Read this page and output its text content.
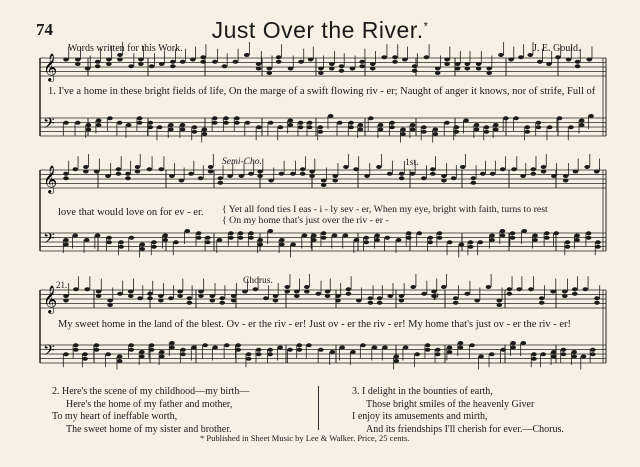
𝄞
𝄢
𝄞
𝄢
𝄞
𝄢
74	Just Over the River.*
Words written for this Work.	J. E. Gould.
1. I've a home in these bright fields of life, On the marge of a swift flowing riv - er; Naught of anger it knows, nor of strife, Full of
Semi-Cho.	1st.
love that would love on for ev - er. { Yet all fond ties I eas - i - ly sev - er, When my eye, bright with faith, turns to rest
{ On my home that's just over the riv - er -
21.	Chorus.
p
My sweet home in the land of the blest. Ov - er the riv - er! Just ov - er the riv - er! My home that's just ov - er the riv - er!
2. Here's the scene of my childhood—my birth—
Here's the home of my father and mother,
To my heart of ineffable worth,
The sweet home of my sister and brother.
3. I delight in the bounties of earth,
Those bright smiles of the heavenly Giver
I enjoy its amusements and mirth,
And its friendships I'll cherish for ever.—Chorus.
* Published in Sheet Music by Lee & Walker. Price, 25 cents.
